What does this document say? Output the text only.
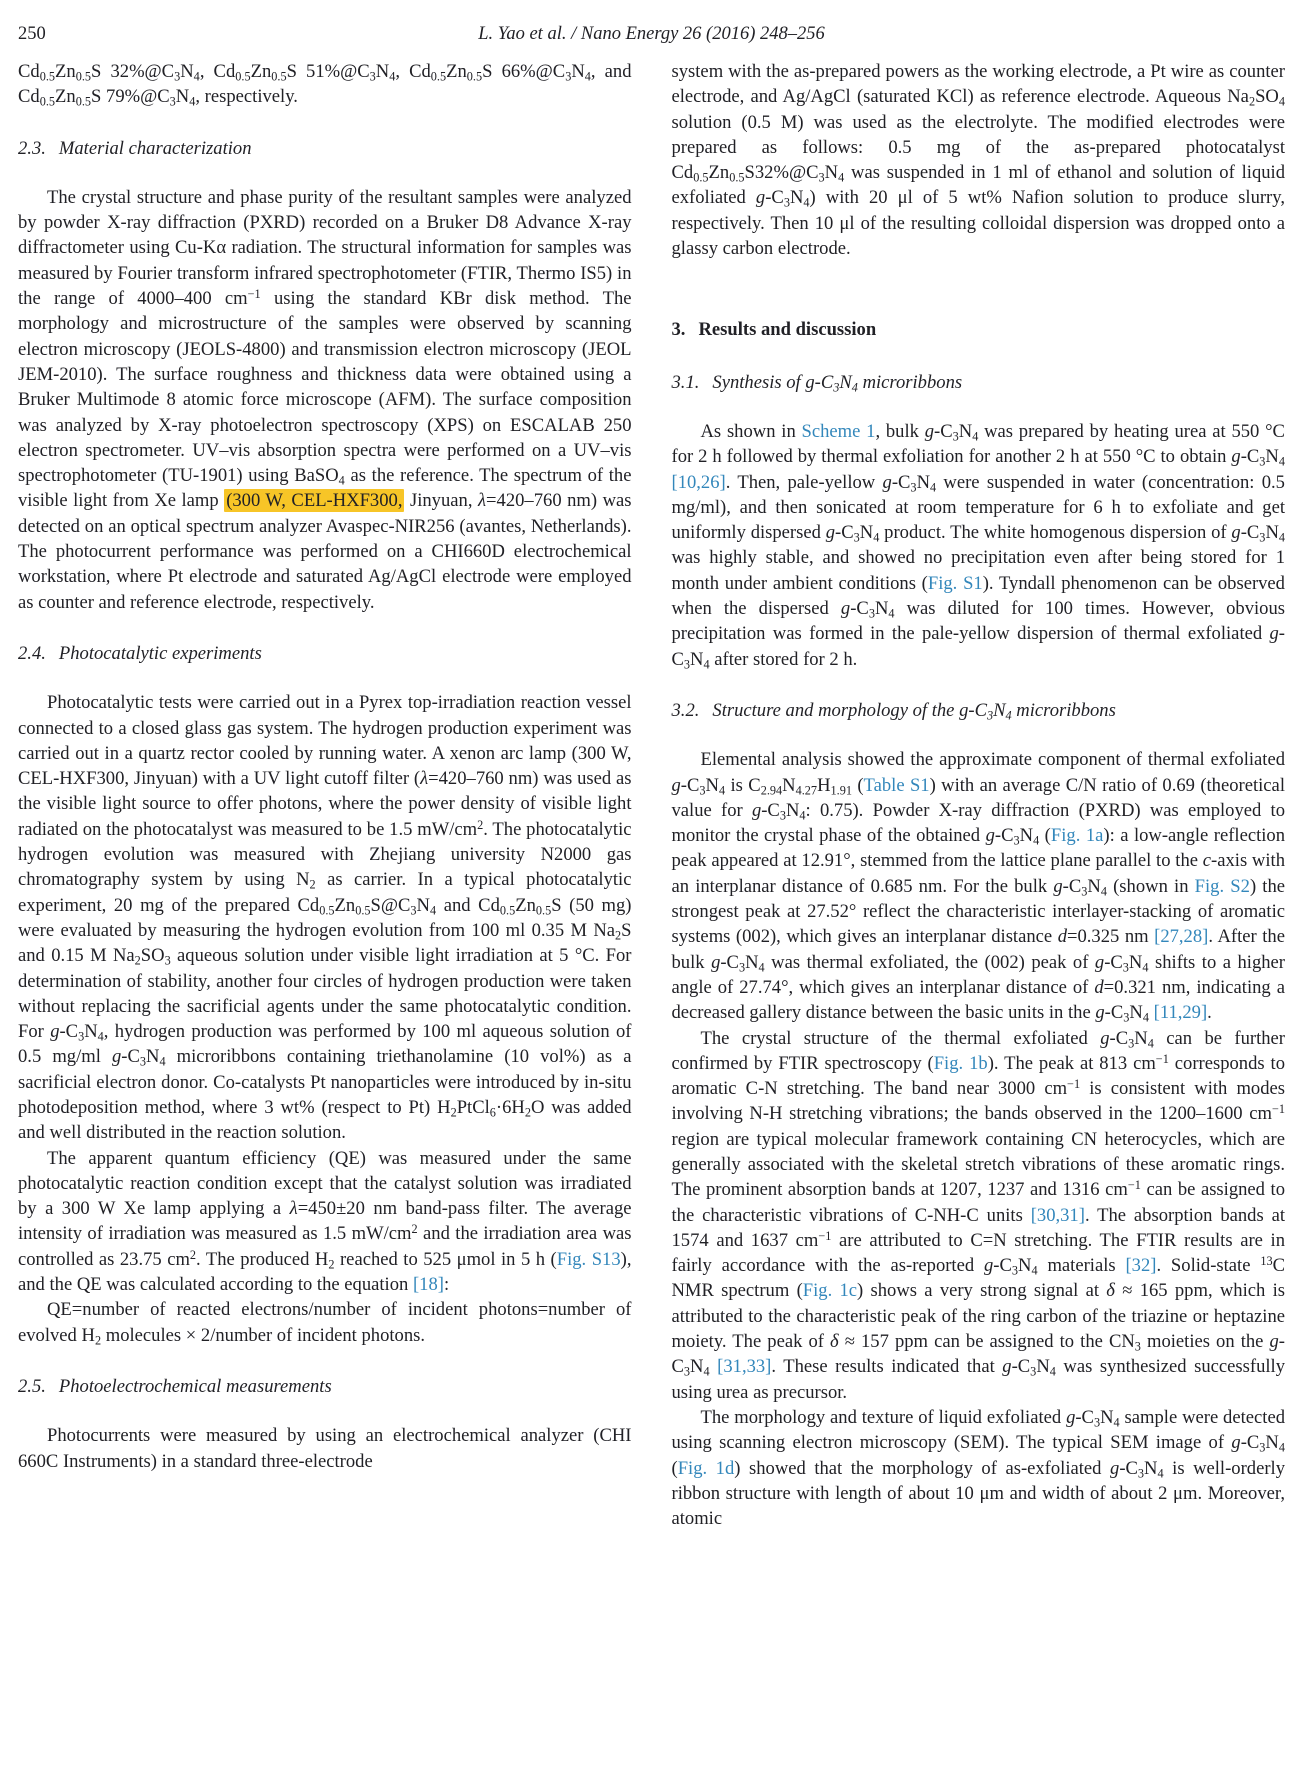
250	L. Yao et al. / Nano Energy 26 (2016) 248–256

$Cd_{0.5}Zn_{0.5}S$ $32\%@C_3N_4$, $Cd_{0.5}Zn_{0.5}S$ $51\%@C_3N_4$, $Cd_{0.5}Zn_{0.5}S$ $66\%@C_3N_4$, and $Cd_{0.5}Zn_{0.5}S$ $79\%@C_3N_4$, respectively.

2.3. Material characterization

The crystal structure and phase purity of the resultant samples were analyzed by powder X-ray diffraction (PXRD) recorded on a Bruker D8 Advance X-ray diffractometer using Cu-Kα radiation. The structural information for samples was measured by Fourier transform infrared spectrophotometer (FTIR, Thermo IS5) in the range of 4000–400 $cm^{-1}$ using the standard KBr disk method. The morphology and microstructure of the samples were observed by scanning electron microscopy (JEOLS-4800) and transmission electron microscopy (JEOL JEM-2010). The surface roughness and thickness data were obtained using a Bruker Multimode 8 atomic force microscope (AFM). The surface composition was analyzed by X-ray photoelectron spectroscopy (XPS) on ESCALAB 250 electron spectrometer. UV–vis absorption spectra were performed on a UV–vis spectrophotometer (TU-1901) using BaSO$_4$ as the reference. The spectrum of the visible light from Xe lamp (300 W, CEL-HXF300, Jinyuan, λ=420–760 nm) was detected on an optical spectrum analyzer Avaspec-NIR256 (avantes, Netherlands). The photocurrent performance was performed on a CHI660D electrochemical workstation, where Pt electrode and saturated Ag/AgCl electrode were employed as counter and reference electrode, respectively.

2.4. Photocatalytic experiments

Photocatalytic tests were carried out in a Pyrex top-irradiation reaction vessel connected to a closed glass gas system. The hydrogen production experiment was carried out in a quartz rector cooled by running water. A xenon arc lamp (300 W, CEL-HXF300, Jinyuan) with a UV light cutoff filter (λ=420–760 nm) was used as the visible light source to offer photons, where the power density of visible light radiated on the photocatalyst was measured to be 1.5 $mW/cm^2$. The photocatalytic hydrogen evolution was measured with Zhejiang university N2000 gas chromatography system by using $N_2$ as carrier. In a typical photocatalytic experiment, 20 mg of the prepared $Cd_{0.5}Zn_{0.5}S@C_3N_4$ and $Cd_{0.5}Zn_{0.5}S$ (50 mg) were evaluated by measuring the hydrogen evolution from 100 ml 0.35 M $Na_2S$ and 0.15 M $Na_2SO_3$ aqueous solution under visible light irradiation at 5 °C. For determination of stability, another four circles of hydrogen production were taken without replacing the sacrificial agents under the same photocatalytic condition. For $g-C_3N_4$, hydrogen production was performed by 100 ml aqueous solution of 0.5 mg/ml $g-C_3N_4$ microribbons containing triethanolamine (10 vol%) as a sacrificial electron donor. Co-catalysts Pt nanoparticles were introduced by in-situ photodeposition method, where 3 wt% (respect to Pt) $H_2PtCl_6\cdot 6H_2O$ was added and well distributed in the reaction solution.

The apparent quantum efficiency (QE) was measured under the same photocatalytic reaction condition except that the catalyst solution was irradiated by a 300 W Xe lamp applying a λ=450±20 nm band-pass filter. The average intensity of irradiation was measured as 1.5 $mW/cm^2$ and the irradiation area was controlled as 23.75 $cm^2$. The produced $H_2$ reached to 525 μmol in 5 h (Fig. S13), and the QE was calculated according to the equation [18]:

QE=number of reacted electrons/number of incident photons=number of evolved $H_2$ molecules × 2/number of incident photons.

2.5. Photoelectrochemical measurements

Photocurrents were measured by using an electrochemical analyzer (CHI 660C Instruments) in a standard three-electrode

system with the as-prepared powers as the working electrode, a Pt wire as counter electrode, and Ag/AgCl (saturated KCl) as reference electrode. Aqueous $Na_2SO_4$ solution (0.5 M) was used as the electrolyte. The modified electrodes were prepared as follows: 0.5 mg of the as-prepared photocatalyst $Cd_{0.5}Zn_{0.5}S32\%@C_3N_4$ was suspended in 1 ml of ethanol and solution of liquid exfoliated $g-C_3N_4$) with 20 μl of 5 wt% Nafion solution to produce slurry, respectively. Then 10 μl of the resulting colloidal dispersion was dropped onto a glassy carbon electrode.

3. Results and discussion
3.1. Synthesis of $g-C_3N_4$ microribbons

As shown in Scheme 1, bulk $g-C_3N_4$ was prepared by heating urea at 550 °C for 2 h followed by thermal exfoliation for another 2 h at 550 °C to obtain $g-C_3N_4$ [10,26]. Then, pale-yellow $g-C_3N_4$ were suspended in water (concentration: 0.5 mg/ml), and then sonicated at room temperature for 6 h to exfoliate and get uniformly dispersed $g-C_3N_4$ product. The white homogenous dispersion of $g-C_3N_4$ was highly stable, and showed no precipitation even after being stored for 1 month under ambient conditions (Fig. S1). Tyndall phenomenon can be observed when the dispersed $g-C_3N_4$ was diluted for 100 times. However, obvious precipitation was formed in the pale-yellow dispersion of thermal exfoliated $g-C_3N_4$ after stored for 2 h.

3.2. Structure and morphology of the $g-C_3N_4$ microribbons

Elemental analysis showed the approximate component of thermal exfoliated $g-C_3N_4$ is $C_{2.94}N_{4.27}H_{1.91}$ (Table S1) with an average C/N ratio of 0.69 (theoretical value for $g-C_3N_4$: 0.75). Powder X-ray diffraction (PXRD) was employed to monitor the crystal phase of the obtained $g-C_3N_4$ (Fig. 1a): a low-angle reflection peak appeared at 12.91°, stemmed from the lattice plane parallel to the c-axis with an interplanar distance of 0.685 nm. For the bulk $g-C_3N_4$ (shown in Fig. S2) the strongest peak at 27.52° reflect the characteristic interlayer-stacking of aromatic systems (002), which gives an interplanar distance d=0.325 nm [27,28]. After the bulk $g-C_3N_4$ was thermal exfoliated, the (002) peak of $g-C_3N_4$ shifts to a higher angle of 27.74°, which gives an interplanar distance of d=0.321 nm, indicating a decreased gallery distance between the basic units in the $g-C_3N_4$ [11,29].

The crystal structure of the thermal exfoliated $g-C_3N_4$ can be further confirmed by FTIR spectroscopy (Fig. 1b). The peak at 813 $cm^{-1}$ corresponds to aromatic C-N stretching. The band near 3000 $cm^{-1}$ is consistent with modes involving N-H stretching vibrations; the bands observed in the 1200–1600 $cm^{-1}$ region are typical molecular framework containing CN heterocycles, which are generally associated with the skeletal stretch vibrations of these aromatic rings. The prominent absorption bands at 1207, 1237 and 1316 $cm^{-1}$ can be assigned to the characteristic vibrations of C-NH-C units [30,31]. The absorption bands at 1574 and 1637 $cm^{-1}$ are attributed to C=N stretching. The FTIR results are in fairly accordance with the as-reported $g-C_3N_4$ materials [32]. Solid-state $^{13}$C NMR spectrum (Fig. 1c) shows a very strong signal at δ ≈ 165 ppm, which is attributed to the characteristic peak of the ring carbon of the triazine or heptazine moiety. The peak of δ ≈ 157 ppm can be assigned to the $CN_3$ moieties on the $g-C_3N_4$ [31,33]. These results indicated that $g-C_3N_4$ was synthesized successfully using urea as precursor.

The morphology and texture of liquid exfoliated $g-C_3N_4$ sample were detected using scanning electron microscopy (SEM). The typical SEM image of $g-C_3N_4$ (Fig. 1d) showed that the morphology of as-exfoliated $g-C_3N_4$ is well-orderly ribbon structure with length of about 10 μm and width of about 2 μm. Moreover, atomic
